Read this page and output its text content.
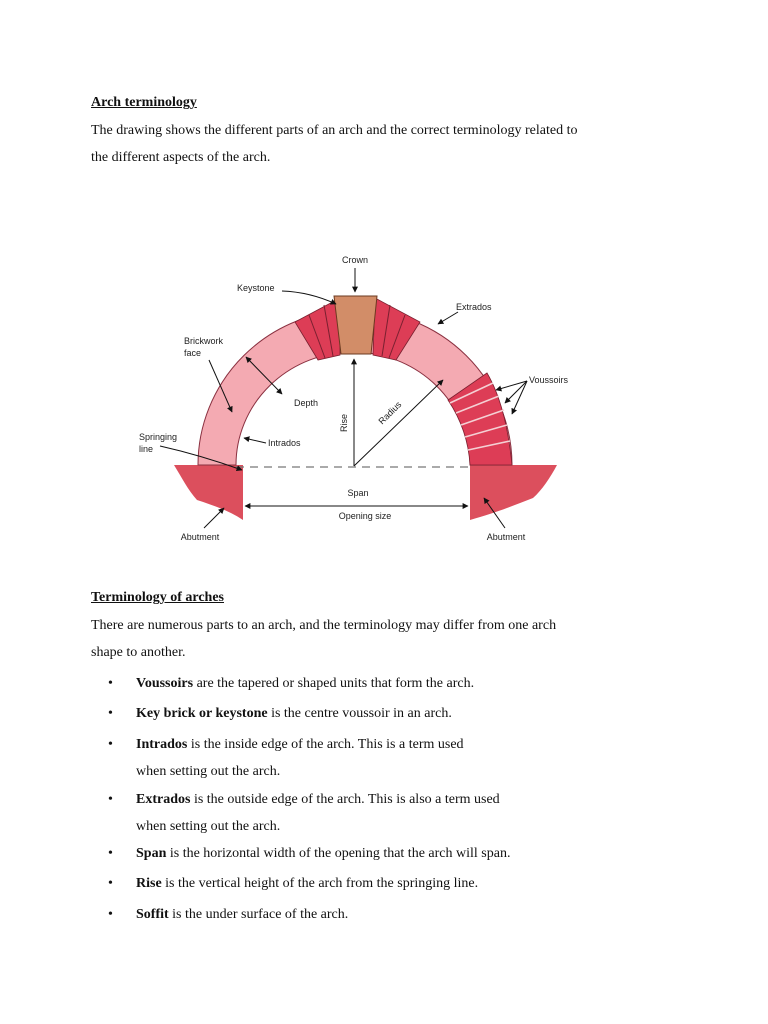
Arch terminology
The drawing shows the different parts of an arch and the correct terminology related to
the different aspects of the arch.
Crown
Keystone
Extrados
Brickwork
face
Voussoirs
Depth
Rise	Radius
Springing
line
Intrados
Span
Opening size
Abutment	Abutment
Terminology of arches
There are numerous parts to an arch, and the terminology may differ from one arch
shape to another.
• Voussoirs are the tapered or shaped units that form the arch.
• Key brick or keystone is the centre voussoir in an arch.
• Intrados is the inside edge of the arch. This is a term used
when setting out the arch.
• Extrados is the outside edge of the arch. This is also a term used
when setting out the arch.
• Span is the horizontal width of the opening that the arch will span.
• Rise is the vertical height of the arch from the springing line.
• Soffit is the under surface of the arch.
